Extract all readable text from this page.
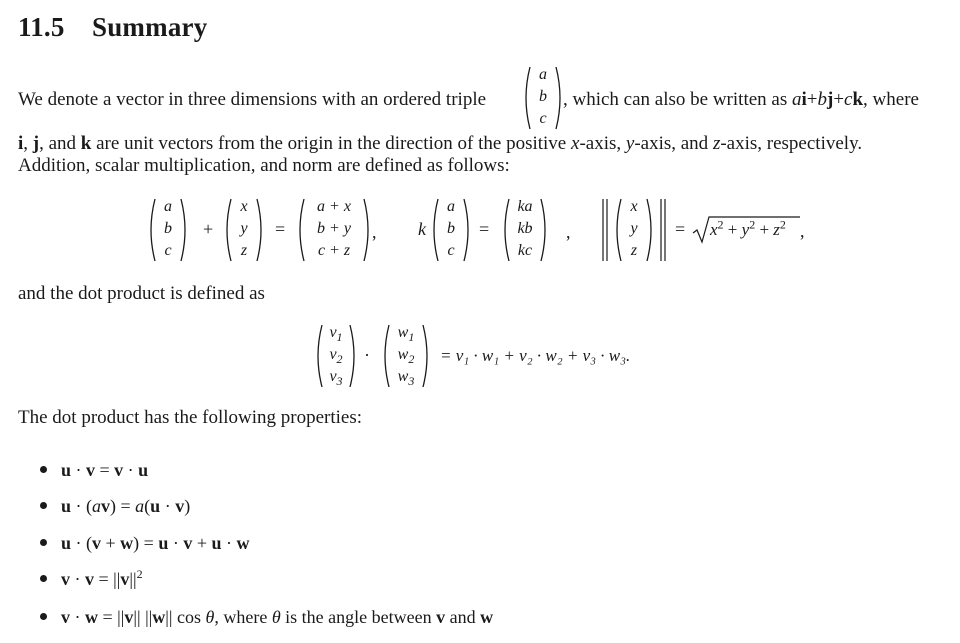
11.5 Summary
We denote a vector in three dimensions with an ordered triple
a
b
c
, which can also be written as ai+bj+ck, where
i, j, and k are unit vectors from the origin in the direction of the positive x-axis, y-axis, and z-axis, respectively.
Addition, scalar multiplication, and norm are defined as follows:
a
b
c
+
x
y
z
=
a + x
b + y
c + z
, k
a
b
c
=
ka
kb
kc
,
x
y
z
= $x^2 + y^2 + z^2$ ,
and the dot product is defined as
$v_1$
$v_2$
$v_3$
·
$w_1$
$w_2$
$w_3$
= v₁ · w₁ + v₂ · w₂ + v₃ · w₃.
The dot product has the following properties:
u · v = v · u
u · (av) = a(u · v)
u · (v + w) = u · v + u · w
$v \cdot v = ||v||^2$
v · w = ||v|| ||w|| cos θ, where θ is the angle between v and w
